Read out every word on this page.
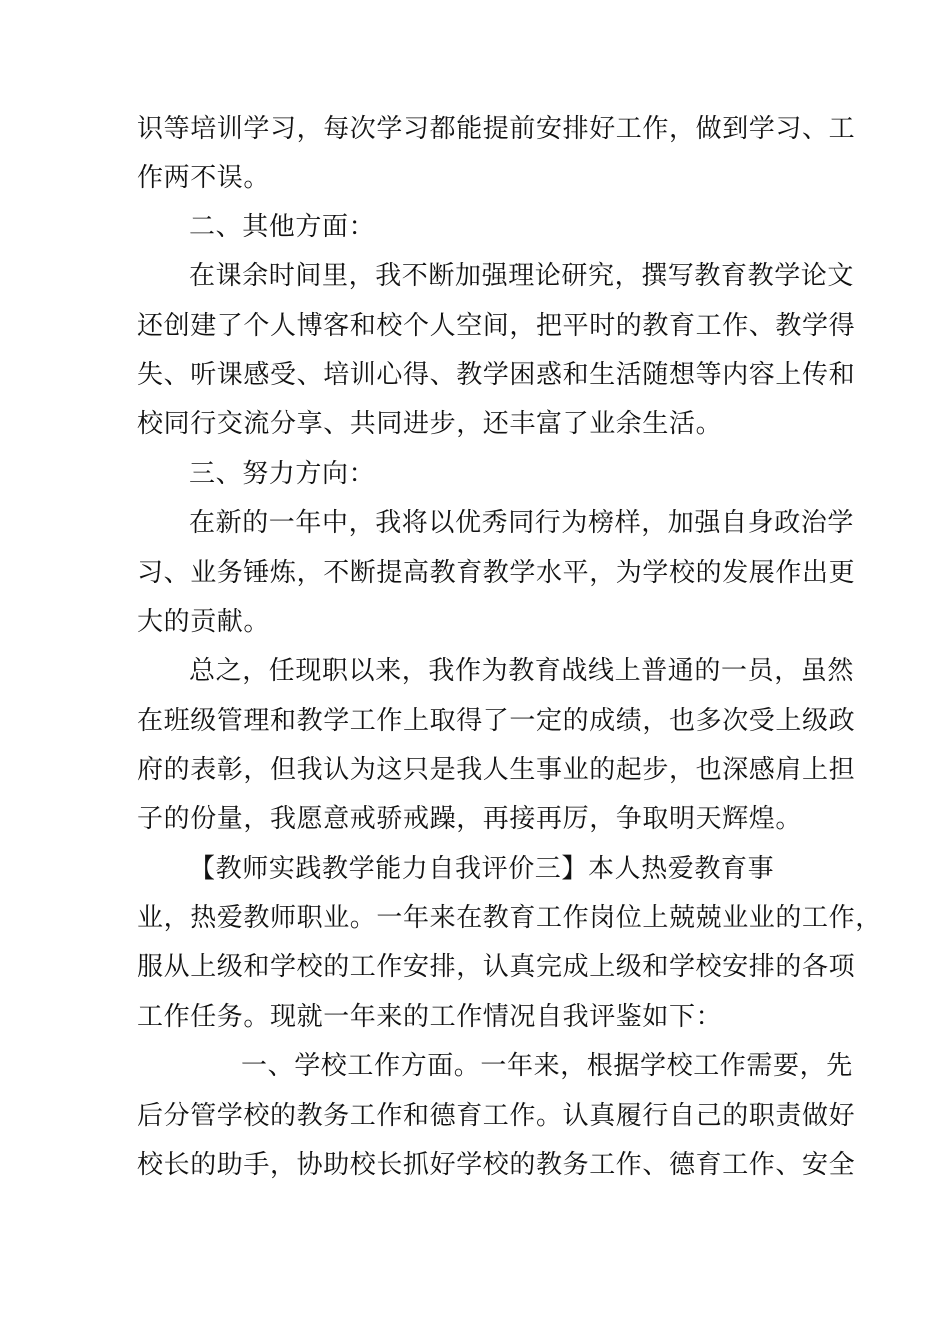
识等培训学习，每次学习都能提前安排好工作，做到学习、工
作两不误。
二、其他方面：
在课余时间里，我不断加强理论研究，撰写教育教学论文
还创建了个人博客和校个人空间，把平时的教育工作、教学得
失、听课感受、培训心得、教学困惑和生活随想等内容上传和
校同行交流分享、共同进步，还丰富了业余生活。
三、努力方向：
在新的一年中，我将以优秀同行为榜样，加强自身政治学
习、业务锤炼，不断提高教育教学水平，为学校的发展作出更
大的贡献。
总之，任现职以来，我作为教育战线上普通的一员，虽然
在班级管理和教学工作上取得了一定的成绩，也多次受上级政
府的表彰，但我认为这只是我人生事业的起步，也深感肩上担
子的份量，我愿意戒骄戒躁，再接再厉，争取明天辉煌。
【教师实践教学能力自我评价三】本人热爱教育事
业，热爱教师职业。一年来在教育工作岗位上兢兢业业的工作，
服从上级和学校的工作安排，认真完成上级和学校安排的各项
工作任务。现就一年来的工作情况自我评鉴如下：
一、学校工作方面。一年来，根据学校工作需要，先
后分管学校的教务工作和德育工作。认真履行自己的职责做好
校长的助手，协助校长抓好学校的教务工作、德育工作、安全
